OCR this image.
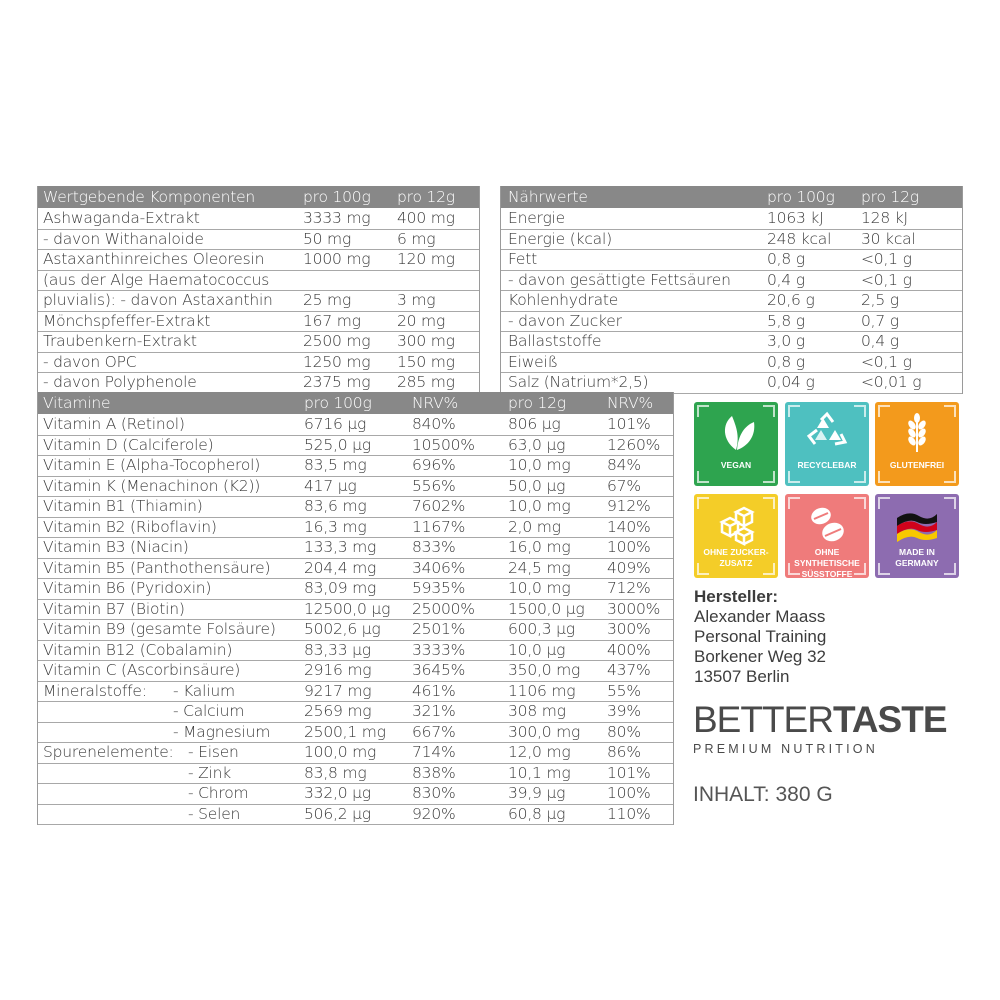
Wertgebende Komponenten	pro 100g pro 12g
Ashwaganda-Extrakt	3333 mg 400 mg
- davon Withanaloide	50 mg	6 mg
Astaxanthinreiches Oleoresin	1000 mg 120 mg
(aus der Alge Haematococcus
pluvialis): - davon Astaxanthin 25 mg	3 mg
Mönchspfeffer-Extrakt	167 mg 20 mg
Traubenkern-Extrakt	2500 mg 300 mg
- davon OPC	1250 mg 150 mg
- davon Polyphenole	2375 mg 285 mg
Nährwerte	pro 100g pro 12g
Energie	1063 kJ 128 kJ
Energie (kcal)	248 kcal 30 kcal
Fett	0,8 g	<0,1 g
- davon gesättigte Fettsäuren 0,4 g	<0,1 g
Kohlenhydrate	20,6 g	2,5 g
- davon Zucker	5,8 g	0,7 g
Ballaststoffe	3,0 g	0,4 g
Eiweiß	0,8 g	<0,1 g
Salz (Natrium*2,5)	0,04 g	<0,01 g
Vitamine	pro 100g	NRV%	pro 12g	NRV%
Vitamin A (Retinol)	6716 µg	840%	806 µg	101%
Vitamin D (Calciferole)	525,0 µg	10500% 63,0 µg	1260%
Vitamin E (Alpha-Tocopherol)	83,5 mg	696%	10,0 mg 84%
Vitamin K (Menachinon (K2))	417 µg	556%	50,0 µg	67%
Vitamin B1 (Thiamin)	83,6 mg	7602%	10,0 mg 912%
Vitamin B2 (Riboflavin)	16,3 mg	1167%	2,0 mg	140%
Vitamin B3 (Niacin)	133,3 mg 833%	16,0 mg 100%
Vitamin B5 (Panthothensäure) 204,4 mg 3406%	24,5 mg 409%
Vitamin B6 (Pyridoxin)	83,09 mg 5935%	10,0 mg 712%
Vitamin B7 (Biotin)	12500,0 µg 25000% 1500,0 µg 3000%
Vitamin B9 (gesamte Folsäure) 5002,6 µg 2501%	600,3 µg 300%
Vitamin B12 (Cobalamin)	83,33 µg	3333%	10,0 µg	400%
Vitamin C (Ascorbinsäure)	2916 mg	3645%	350,0 mg 437%
Mineralstoffe: - Kalium	9217 mg	461%	1106 mg 55%
- Calcium	2569 mg	321%	308 mg	39%
- Magnesium 2500,1 mg 667%	300,0 mg 80%
Spurenelemente: - Eisen	100,0 mg 714%	12,0 mg 86%
- Zink	83,8 mg	838%	10,1 mg 101%
- Chrom	332,0 µg	830%	39,9 µg	100%
- Selen	506,2 µg	920%	60,8 µg	110%
VEGAN	RECYCLEBAR	GLUTENFREI
OHNE ZUCKER-ZUSATZ
OHNE SYNTHETISCHE SÜSSTOFFE
MADE IN GERMANY
Hersteller:
Alexander Maass
Personal Training
Borkener Weg 32
13507 Berlin
BETTERTASTE
PREMIUM NUTRITION
INHALT: 380 G
